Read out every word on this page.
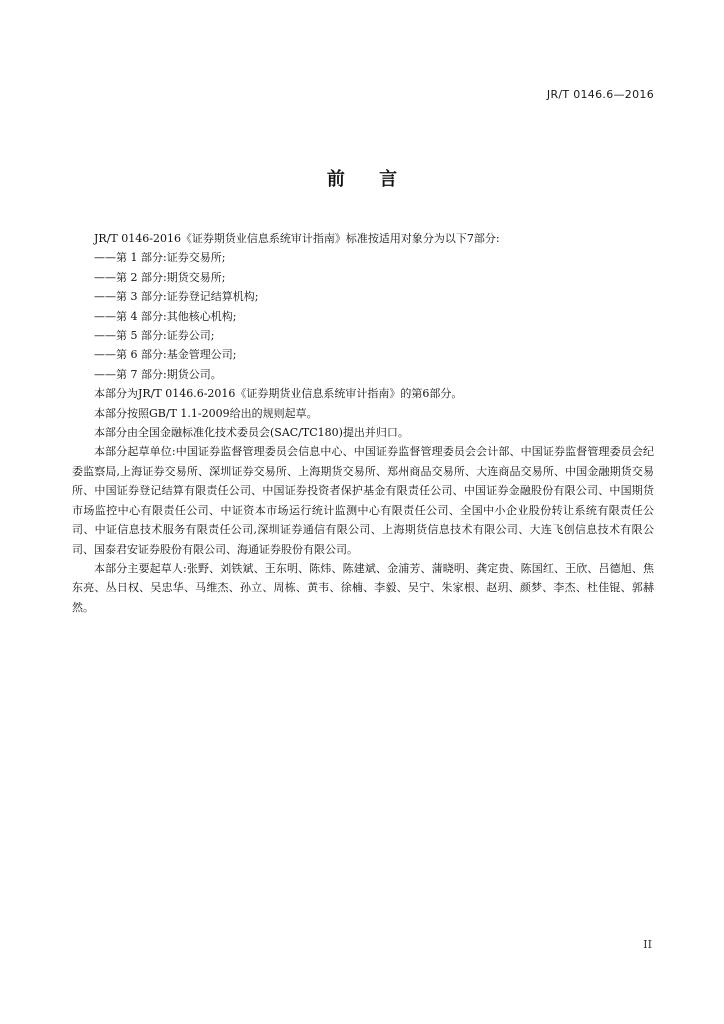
JR/T 0146.6—2016
前 言

JR/T 0146-2016《证券期货业信息系统审计指南》标准按适用对象分为以下7部分:

——第 1 部分:证券交易所;

——第 2 部分:期货交易所;

——第 3 部分:证券登记结算机构;

——第 4 部分:其他核心机构;

——第 5 部分:证券公司;

——第 6 部分:基金管理公司;

——第 7 部分:期货公司。

本部分为JR/T 0146.6-2016《证券期货业信息系统审计指南》的第6部分。

本部分按照GB/T 1.1-2009给出的规则起草。

本部分由全国金融标准化技术委员会(SAC/TC180)提出并归口。

本部分起草单位:中国证券监督管理委员会信息中心、中国证券监督管理委员会会计部、中国证券监督管理委员会纪委监察局,上海证券交易所、深圳证券交易所、上海期货交易所、郑州商品交易所、大连商品交易所、中国金融期货交易所、中国证券登记结算有限责任公司、中国证券投资者保护基金有限责任公司、中国证券金融股份有限公司、中国期货市场监控中心有限责任公司、中证资本市场运行统计监测中心有限责任公司、全国中小企业股份转让系统有限责任公司、中证信息技术服务有限责任公司,深圳证券通信有限公司、上海期货信息技术有限公司、大连飞创信息技术有限公司、国泰君安证券股份有限公司、海通证券股份有限公司。

本部分主要起草人:张野、刘铁斌、王东明、陈炜、陈建斌、金浦芳、蒲晓明、龚定贵、陈国红、王欣、吕德旭、焦东亮、丛日权、吴忠华、马维杰、孙立、周栋、黄韦、徐楠、李毅、吴宁、朱家根、赵玥、颜梦、李杰、杜佳锟、郭赫然。

II
